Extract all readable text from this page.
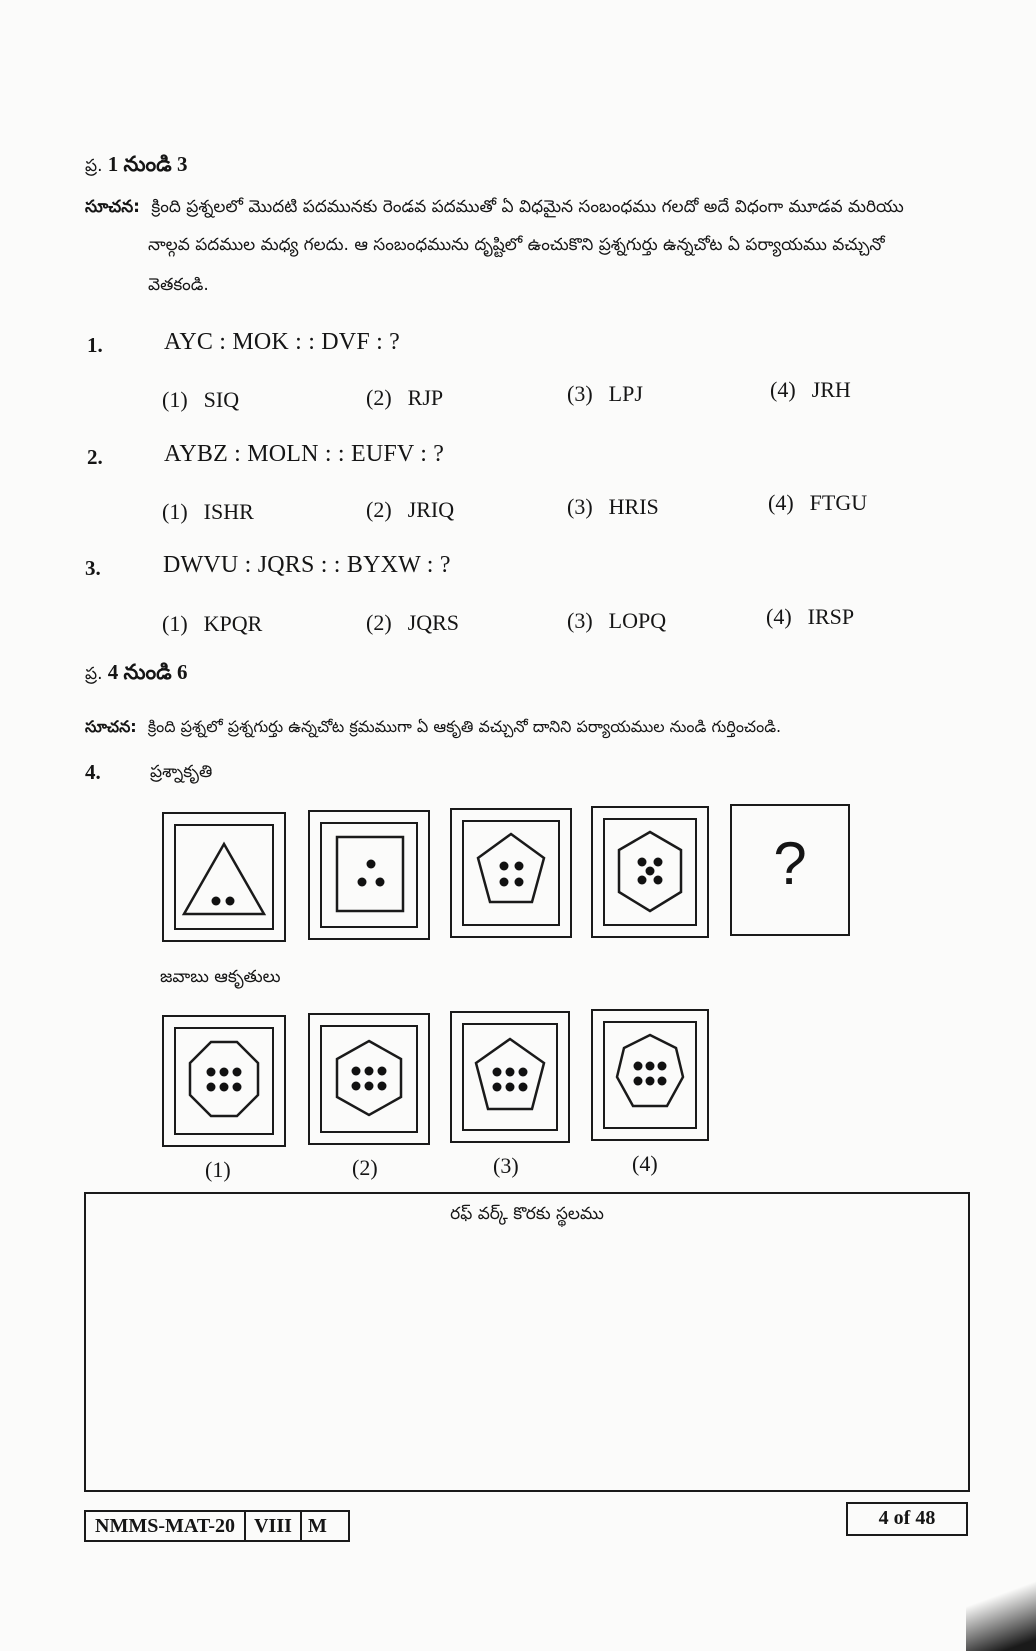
ప్ర. 1 నుండి 3
సూచన: క్రింది ప్రశ్నలలో మొదటి పదమునకు రెండవ పదముతో ఏ విధమైన సంబంధము గలదో అదే విధంగా మూడవ మరియు
నాల్గవ పదముల మధ్య గలదు. ఆ సంబంధమును దృష్టిలో ఉంచుకొని ప్రశ్నగుర్తు ఉన్నచోట ఏ పర్యాయము వచ్చునో
వెతకండి.
1.	AYC : MOK : : DVF : ?
(1) SIQ	(2) RJP	(3) LPJ	(4) JRH
2.	AYBZ : MOLN : : EUFV : ?
(1) ISHR	(2) JRIQ	(3) HRIS	(4) FTGU
3.	DWVU : JQRS : : BYXW : ?
(1) KPQR	(2) JQRS	(3) LOPQ	(4) IRSP
ప్ర. 4 నుండి 6
సూచన: క్రింది ప్రశ్నలో ప్రశ్నగుర్తు ఉన్నచోట క్రమముగా ఏ ఆకృతి వచ్చునో దానిని పర్యాయముల నుండి గుర్తించండి.
4.	ప్రశ్నాకృతి
?
జవాబు ఆకృతులు
(1)	(2)	(3)	(4)
రఫ్ వర్క్ కొరకు స్థలము
NMMS-MAT-20 VIII M	4 of 48
